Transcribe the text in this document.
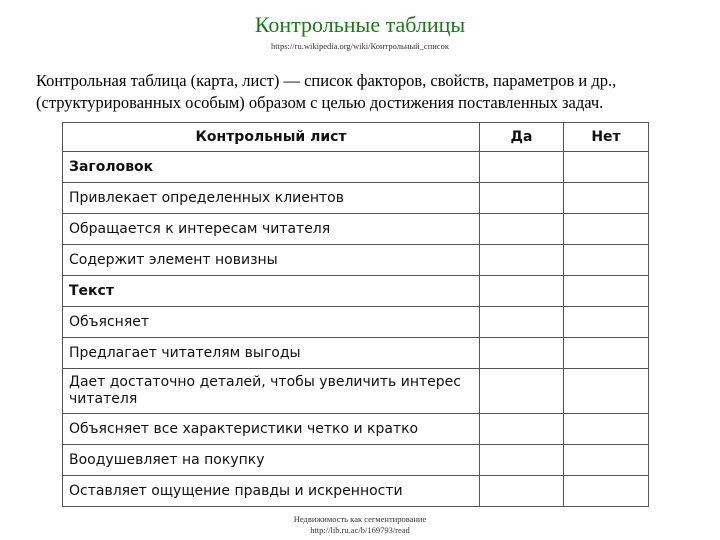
Контрольные таблицы
https://ru.wikipedia.org/wiki/Контрольный_список
Контрольная таблица (карта, лист) — список факторов, свойств, параметров и др., (структурированных особым) образом с целью достижения поставленных задач.
Контрольный лист	Да	Нет
Заголовок		
Привлекает определенных клиентов		
Обращается к интересам читателя		
Содержит элемент новизны		
Текст		
Объясняет		
Предлагает читателям выгоды		
Дает достаточно деталей, чтобы увеличить интерес читателя		
Объясняет все характеристики четко и кратко		
Воодушевляет на покупку		
Оставляет ощущение правды и искренности		
Недвижимость как сегментирование
http://lib.ru.ac/b/169793/read
